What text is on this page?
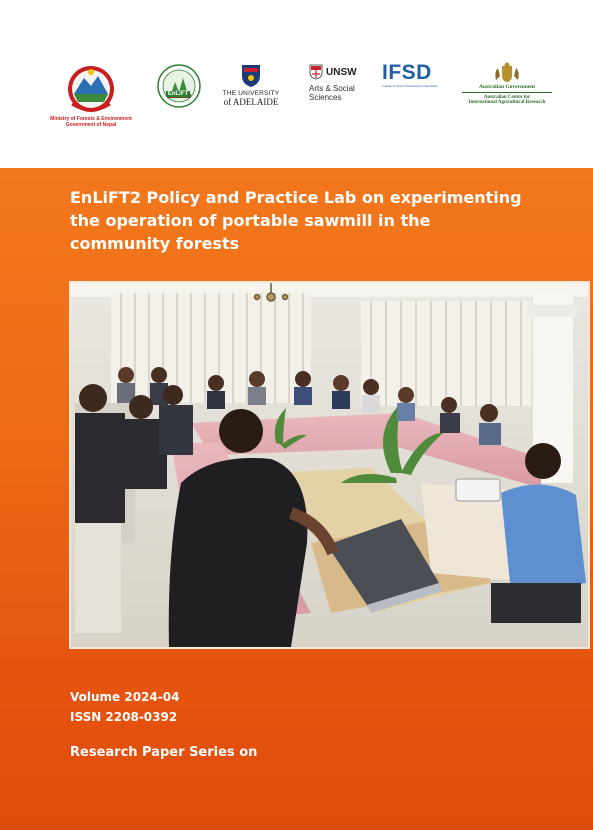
Ministry of Forests & Environment
Government of Nepal
EnLiFT
Nepal
THE UNIVERSITY
of ADELAIDE
UNSW
Arts & Social
Sciences
IFSD
Institute for Study & Development Worldwide	Australian Government
Australian Centre for
International Agricultural Research
EnLiFT2 Policy and Practice Lab on experimenting the operation of portable sawmill in the community forests
Volume 2024-04
ISSN 2208-0392
Research Paper Series on
